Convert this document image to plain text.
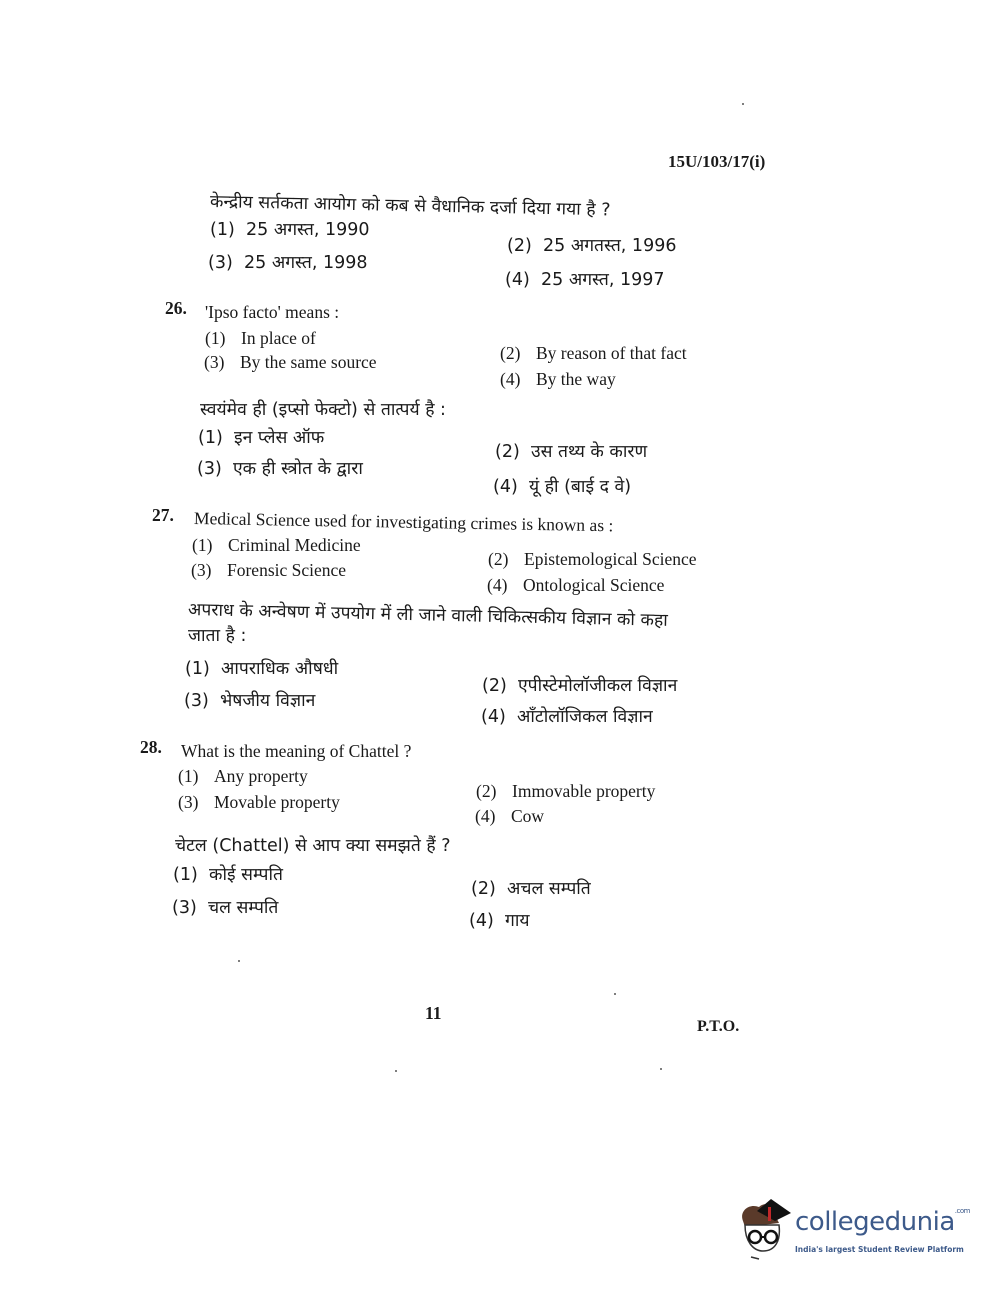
15U/103/17(i)
केन्द्रीय सर्तकता आयोग को कब से वैधानिक दर्जा दिया गया है ?
(1) 25 अगस्त, 1990
(2) 25 अगतस्त, 1996
(3) 25 अगस्त, 1998
(4) 25 अगस्त, 1997
26. 'Ipso facto' means :
(1) In place of
(2) By reason of that fact
(3) By the same source
(4) By the way
स्वयंमेव ही (इप्सो फेक्टो) से तात्पर्य है :
(1) इन प्लेस ऑफ
(2) उस तथ्य के कारण
(3) एक ही स्त्रोत के द्वारा
(4) यूं ही (बाई द वे)
27. Medical Science used for investigating crimes is known as :
(1) Criminal Medicine
(2) Epistemological Science
(3) Forensic Science
(4) Ontological Science
अपराध के अन्वेषण में उपयोग में ली जाने वाली चिकित्सकीय विज्ञान को कहा
जाता है :
(1) आपराधिक औषधी
(2) एपीस्टेमोलॉजीकल विज्ञान
(3) भेषजीय विज्ञान
(4) ऑंटोलॉजिकल विज्ञान
28. What is the meaning of Chattel ?
(1) Any property
(2) Immovable property
(3) Movable property
(4) Cow
चेटल (Chattel) से आप क्या समझते हैं ?
(1) कोई सम्पति
(2) अचल सम्पति
(3) चल सम्पति
(4) गाय
11
P.T.O.
collegedunia$^{.com}$
India's largest Student Review Platform
